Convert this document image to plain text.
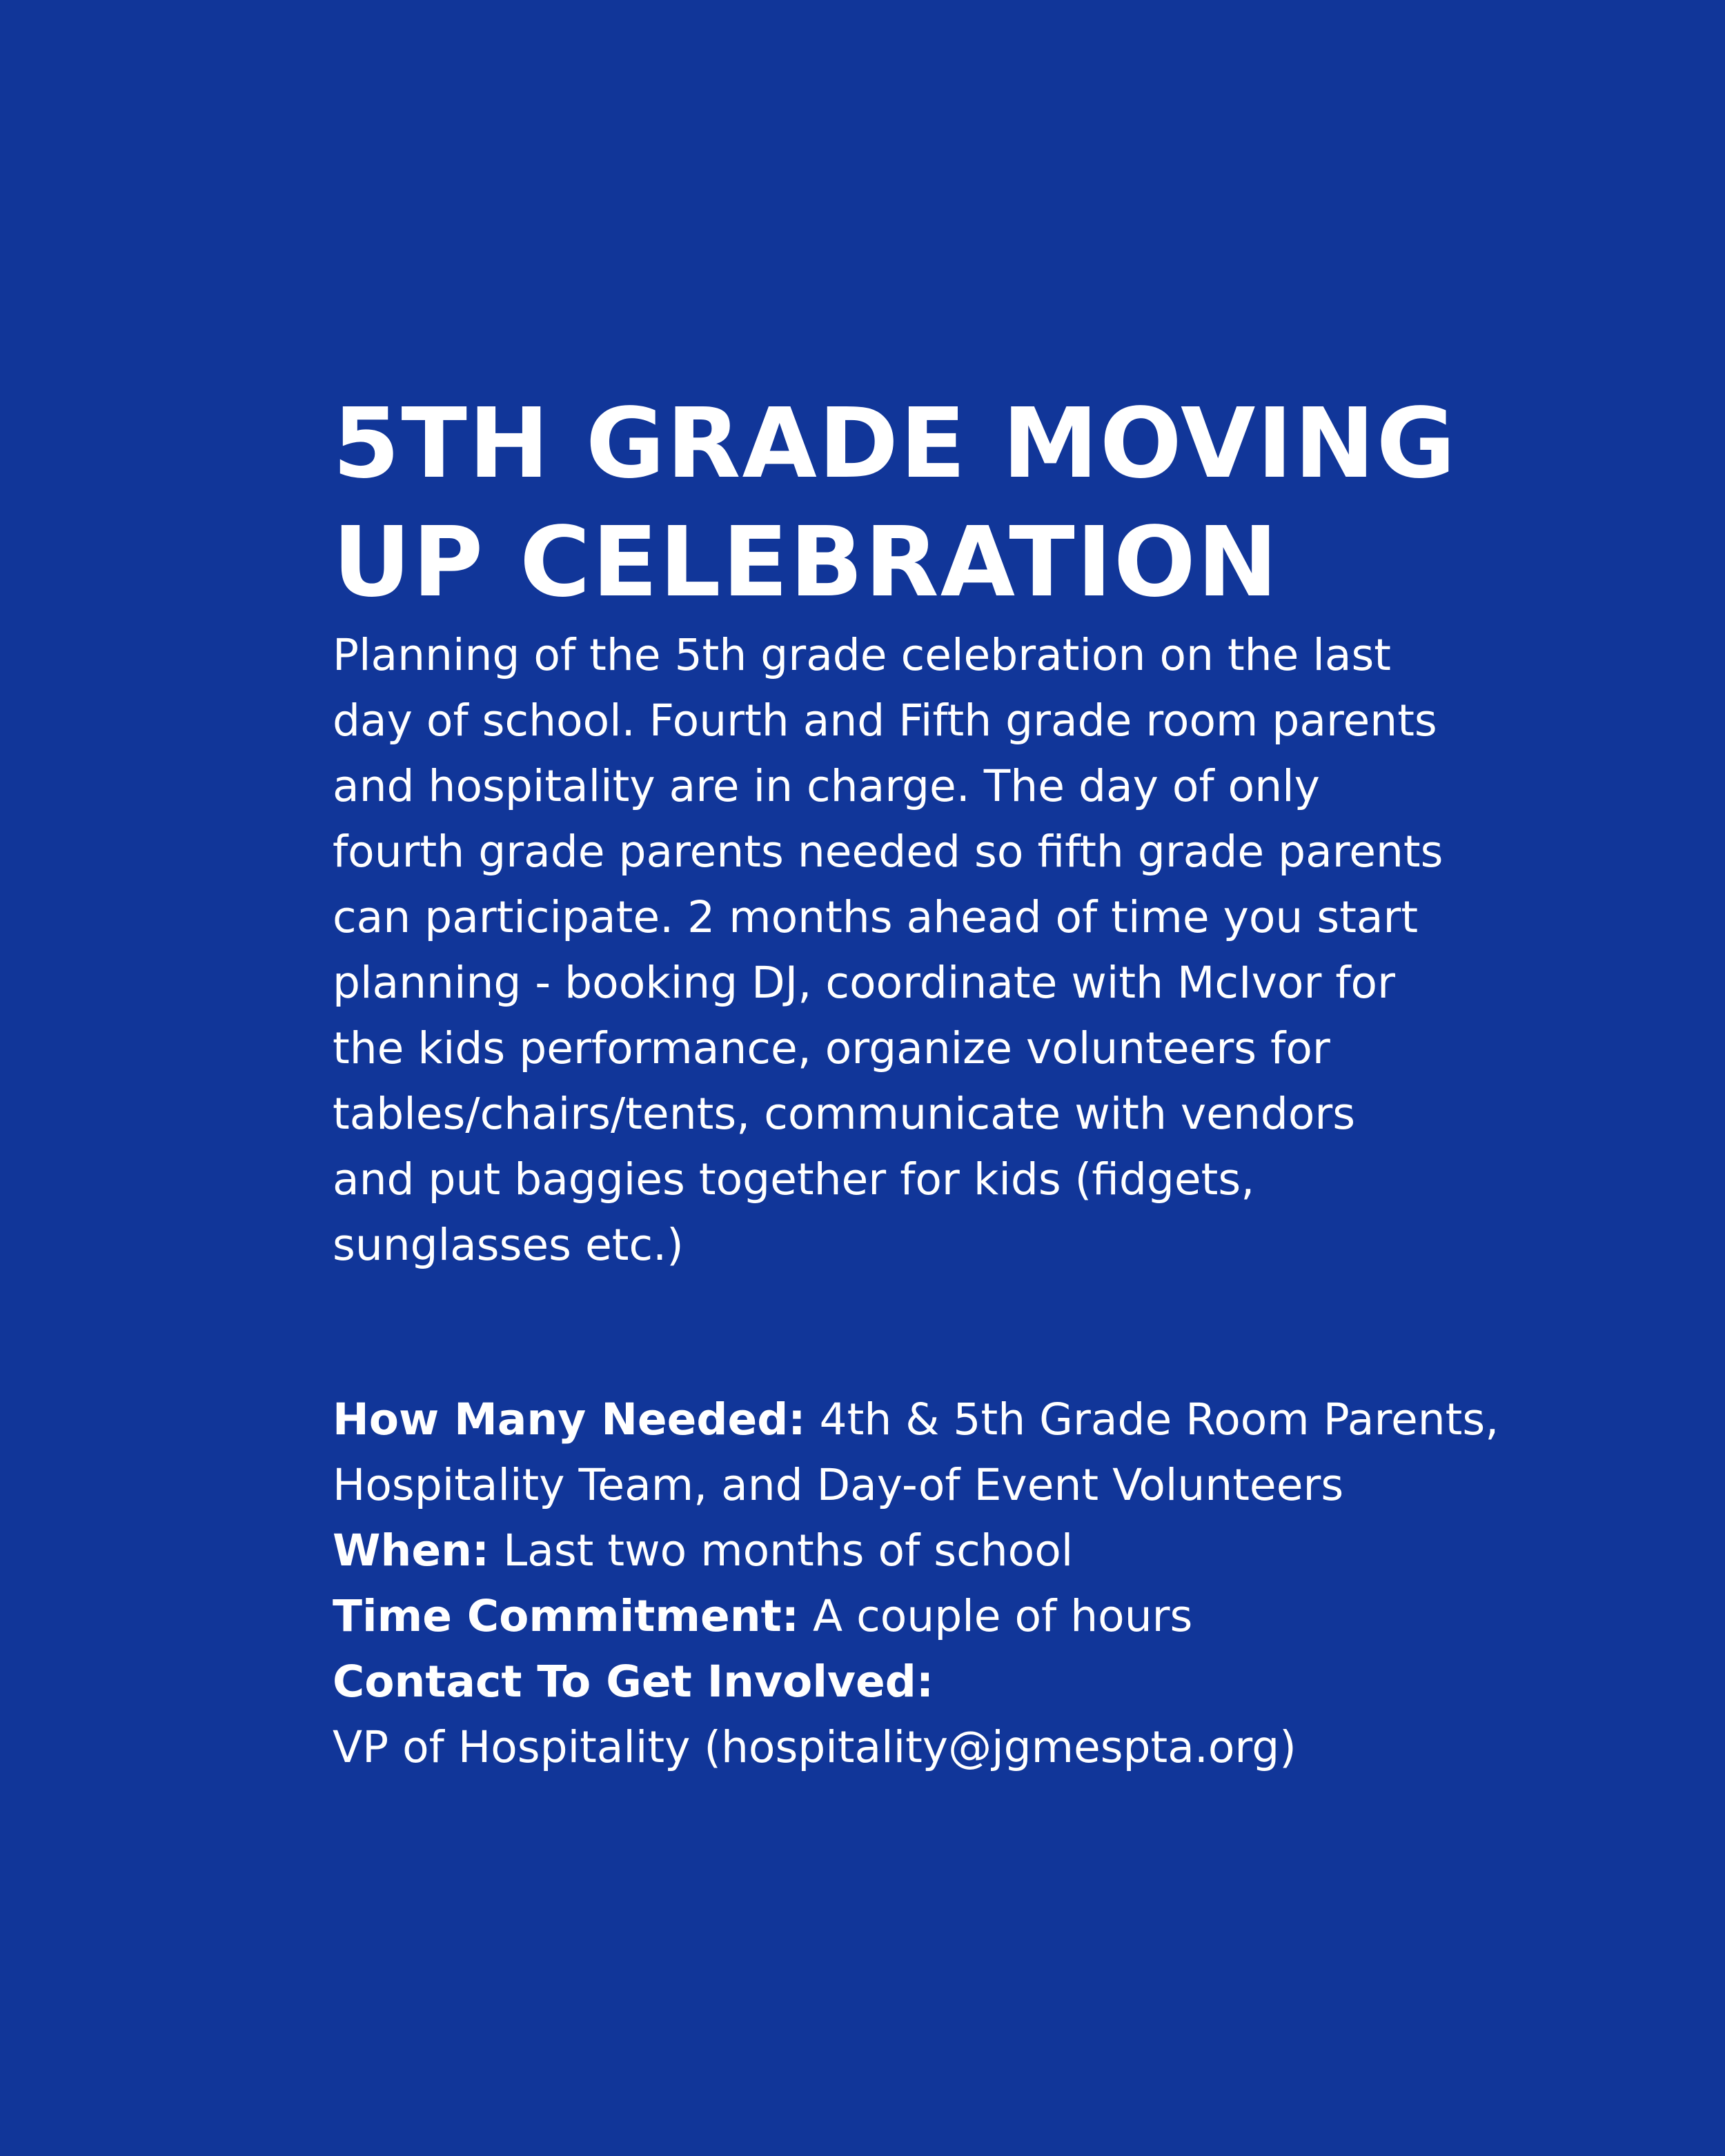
5TH GRADE MOVING
UP CELEBRATION

Planning of the 5th grade celebration on the last
day of school. Fourth and Fifth grade room parents
and hospitality are in charge. The day of only
fourth grade parents needed so fifth grade parents
can participate. 2 months ahead of time you start
planning - booking DJ, coordinate with McIvor for
the kids performance, organize volunteers for
tables/chairs/tents, communicate with vendors
and put baggies together for kids (fidgets,
sunglasses etc.)

How Many Needed: 4th & 5th Grade Room Parents,
Hospitality Team, and Day-of Event Volunteers
When: Last two months of school
Time Commitment: A couple of hours
Contact To Get Involved:
VP of Hospitality (hospitality@jgmespta.org)
